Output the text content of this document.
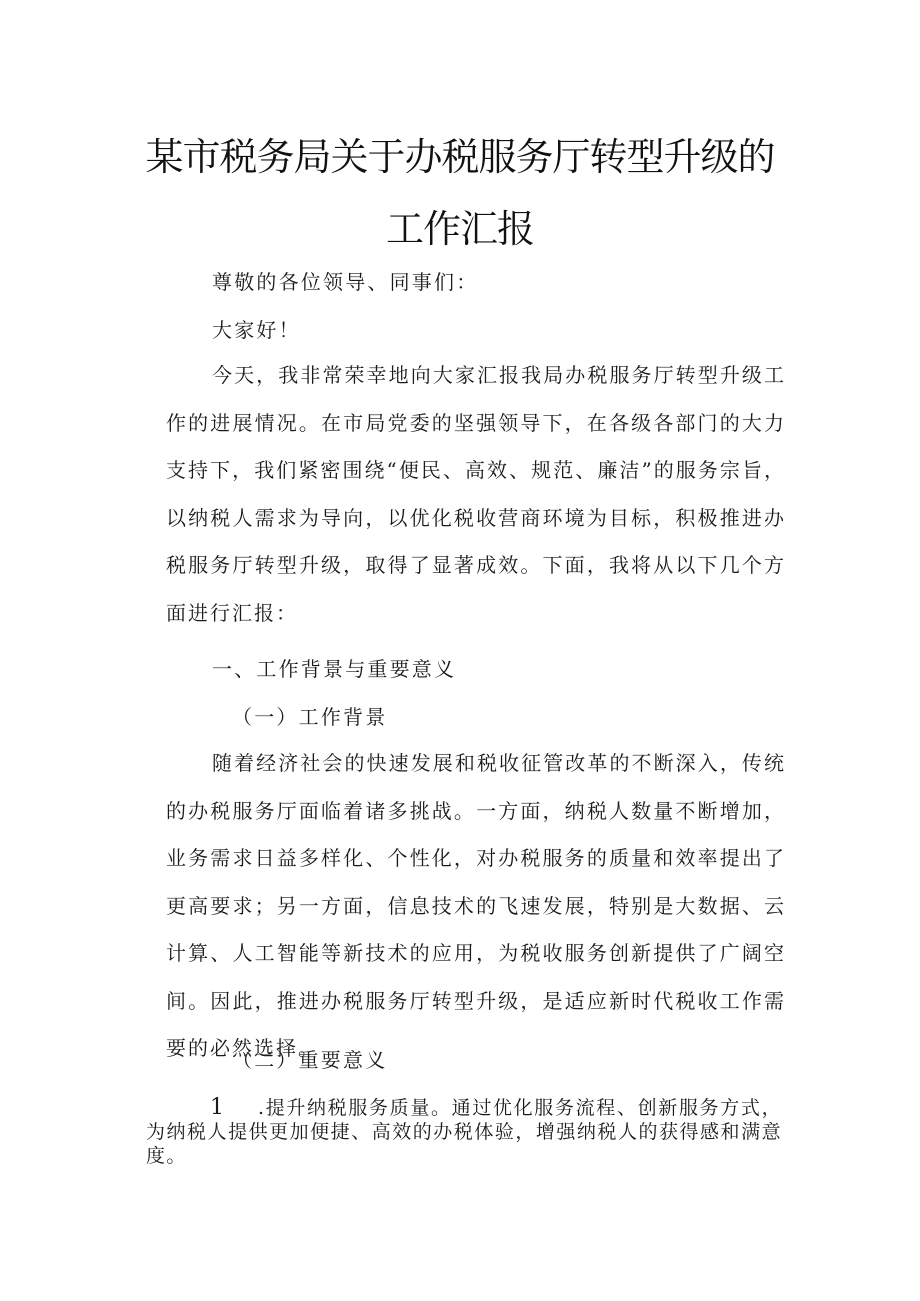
某市税务局关于办税服务厅转型升级的
工作汇报

尊敬的各位领导、同事们：

大家好！

今天，我非常荣幸地向大家汇报我局办税服务厅转型升级工作的进展情况。在市局党委的坚强领导下，在各级各部门的大力支持下，我们紧密围绕“便民、高效、规范、廉洁”的服务宗旨，以纳税人需求为导向，以优化税收营商环境为目标，积极推进办税服务厅转型升级，取得了显著成效。下面，我将从以下几个方面进行汇报：

一、工作背景与重要意义

（一）工作背景

随着经济社会的快速发展和税收征管改革的不断深入，传统的办税服务厅面临着诸多挑战。一方面，纳税人数量不断增加，业务需求日益多样化、个性化，对办税服务的质量和效率提出了更高要求；另一方面，信息技术的飞速发展，特别是大数据、云计算、人工智能等新技术的应用，为税收服务创新提供了广阔空间。因此，推进办税服务厅转型升级，是适应新时代税收工作需要的必然选择。

（二）重要意义

1 .提升纳税服务质量。通过优化服务流程、创新服务方式，为纳税人提供更加便捷、高效的办税体验，增强纳税人的获得感和满意度。
